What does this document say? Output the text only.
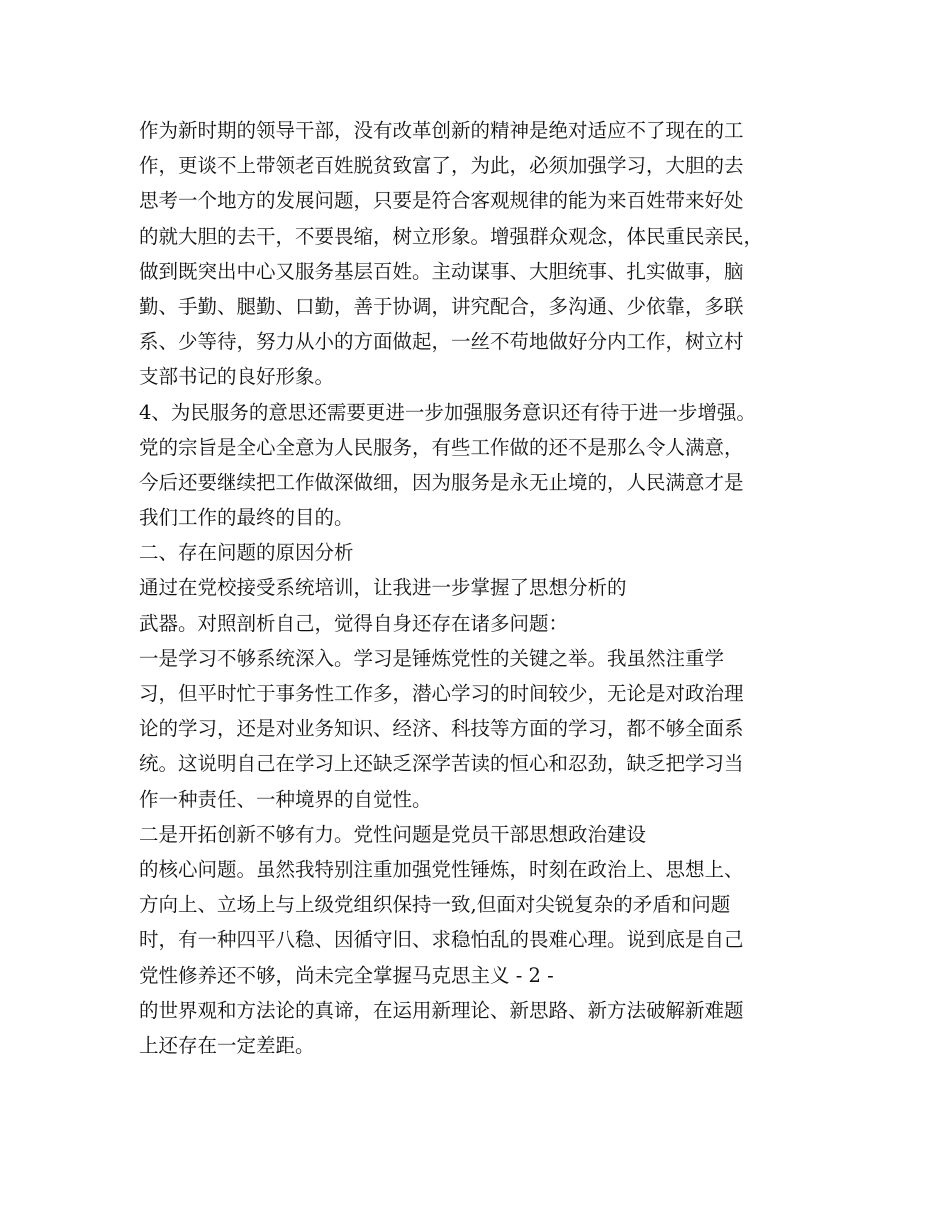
作为新时期的领导干部，没有改革创新的精神是绝对适应不了现在的工
作，更谈不上带领老百姓脱贫致富了，为此，必须加强学习，大胆的去
思考一个地方的发展问题，只要是符合客观规律的能为来百姓带来好处
的就大胆的去干，不要畏缩，树立形象。增强群众观念，体民重民亲民，
做到既突出中心又服务基层百姓。主动谋事、大胆统事、扎实做事，脑
勤、手勤、腿勤、口勤，善于协调，讲究配合，多沟通、少依靠，多联
系、少等待，努力从小的方面做起，一丝不苟地做好分内工作，树立村
支部书记的良好形象。
4、为民服务的意思还需要更进一步加强服务意识还有待于进一步增强。
党的宗旨是全心全意为人民服务，有些工作做的还不是那么令人满意，
今后还要继续把工作做深做细，因为服务是永无止境的，人民满意才是
我们工作的最终的目的。
二、存在问题的原因分析
通过在党校接受系统培训，让我进一步掌握了思想分析的
武器。对照剖析自己，觉得自身还存在诸多问题：
一是学习不够系统深入。学习是锤炼党性的关键之举。我虽然注重学
习，但平时忙于事务性工作多，潜心学习的时间较少，无论是对政治理
论的学习，还是对业务知识、经济、科技等方面的学习，都不够全面系
统。这说明自己在学习上还缺乏深学苦读的恒心和忍劲，缺乏把学习当
作一种责任、一种境界的自觉性。
二是开拓创新不够有力。党性问题是党员干部思想政治建设
的核心问题。虽然我特别注重加强党性锤炼，时刻在政治上、思想上、
方向上、立场上与上级党组织保持一致,但面对尖锐复杂的矛盾和问题
时，有一种四平八稳、因循守旧、求稳怕乱的畏难心理。说到底是自己
党性修养还不够，尚未完全掌握马克思主义 - 2 -
的世界观和方法论的真谛，在运用新理论、新思路、新方法破解新难题
上还存在一定差距。
